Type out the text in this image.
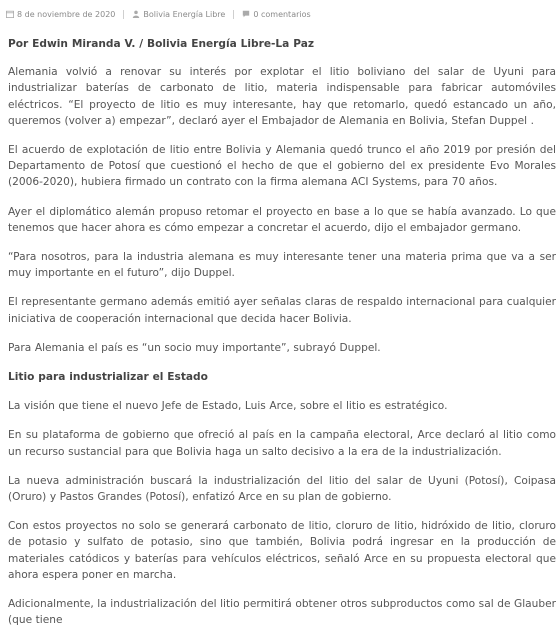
8 de noviembre de 2020	Bolivia Energía Libre	0 comentarios

Por Edwin Miranda V. / Bolivia Energía Libre-La Paz

Alemania volvió a renovar su interés por explotar el litio boliviano del salar de Uyuni para industrializar baterías de carbonato de litio, materia indispensable para fabricar automóviles eléctricos. “El proyecto de litio es muy interesante, hay que retomarlo, quedó estancado un año, queremos (volver a) empezar”, declaró ayer el Embajador de Alemania en Bolivia, Stefan Duppel .

El acuerdo de explotación de litio entre Bolivia y Alemania quedó trunco el año 2019 por presión del Departamento de Potosí que cuestionó el hecho de que el gobierno del ex presidente Evo Morales (2006-2020), hubiera firmado un contrato con la firma alemana ACI Systems, para 70 años.

Ayer el diplomático alemán propuso retomar el proyecto en base a lo que se había avanzado. Lo que tenemos que hacer ahora es cómo empezar a concretar el acuerdo, dijo el embajador germano.

“Para nosotros, para la industria alemana es muy interesante tener una materia prima que va a ser muy importante en el futuro”, dijo Duppel.

El representante germano además emitió ayer señalas claras de respaldo internacional para cualquier iniciativa de cooperación internacional que decida hacer Bolivia.

Para Alemania el país es “un socio muy importante”, subrayó Duppel.

Litio para industrializar el Estado

La visión que tiene el nuevo Jefe de Estado, Luis Arce, sobre el litio es estratégico.

En su plataforma de gobierno que ofreció al país en la campaña electoral, Arce declaró al litio como un recurso sustancial para que Bolivia haga un salto decisivo a la era de la industrialización.

La nueva administración buscará la industrialización del litio del salar de Uyuni (Potosí), Coipasa (Oruro) y Pastos Grandes (Potosí), enfatizó Arce en su plan de gobierno.

Con estos proyectos no solo se generará carbonato de litio, cloruro de litio, hidróxido de litio, cloruro de potasio y sulfato de potasio, sino que también, Bolivia podrá ingresar en la producción de materiales catódicos y baterías para vehículos eléctricos, señaló Arce en su propuesta electoral que ahora espera poner en marcha.

Adicionalmente, la industrialización del litio permitirá obtener otros subproductos como sal de Glauber (que tiene
